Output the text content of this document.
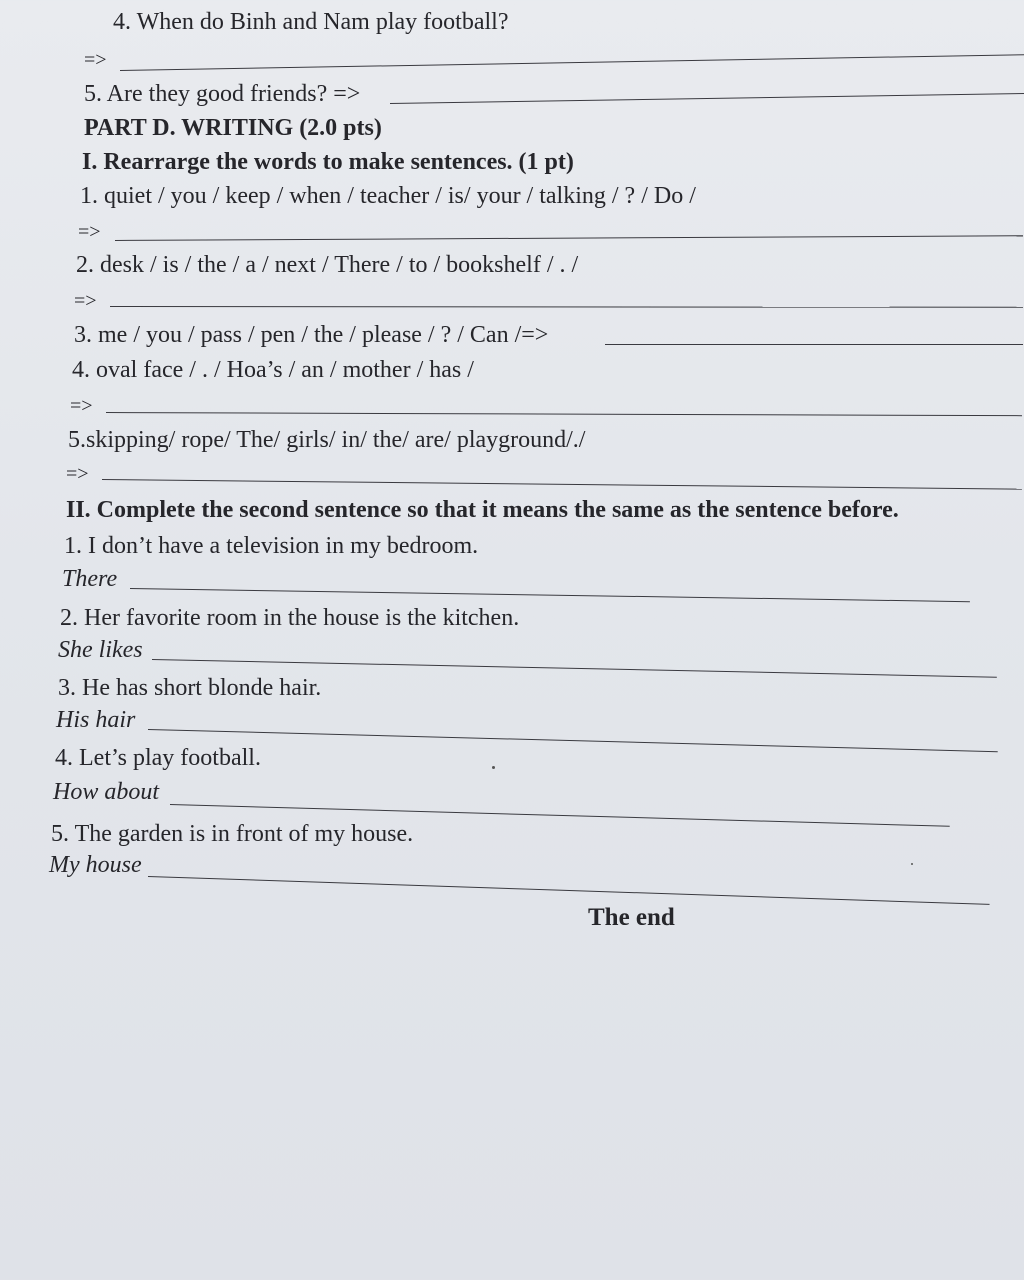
4. When do Binh and Nam play football?
=>
5. Are they good friends? =>
PART D. WRITING (2.0 pts)
I. Rearrarge the words to make sentences. (1 pt)
1. quiet / you / keep / when / teacher / is/ your / talking / ? / Do /
=>
2. desk / is / the / a / next / There / to / bookshelf / . /
=>
3. me / you / pass / pen / the / please / ? / Can /=>
4. oval face / . / Hoa’s / an / mother / has /
=>
5.skipping/ rope/ The/ girls/ in/ the/ are/ playground/./
=>
II. Complete the second sentence so that it means the same as the sentence before.
1. I don’t have a television in my bedroom.
There
2. Her favorite room in the house is the kitchen.
She likes
3. He has short blonde hair.
His hair
4. Let’s play football.
How about
5. The garden is in front of my house.
My house
The end
